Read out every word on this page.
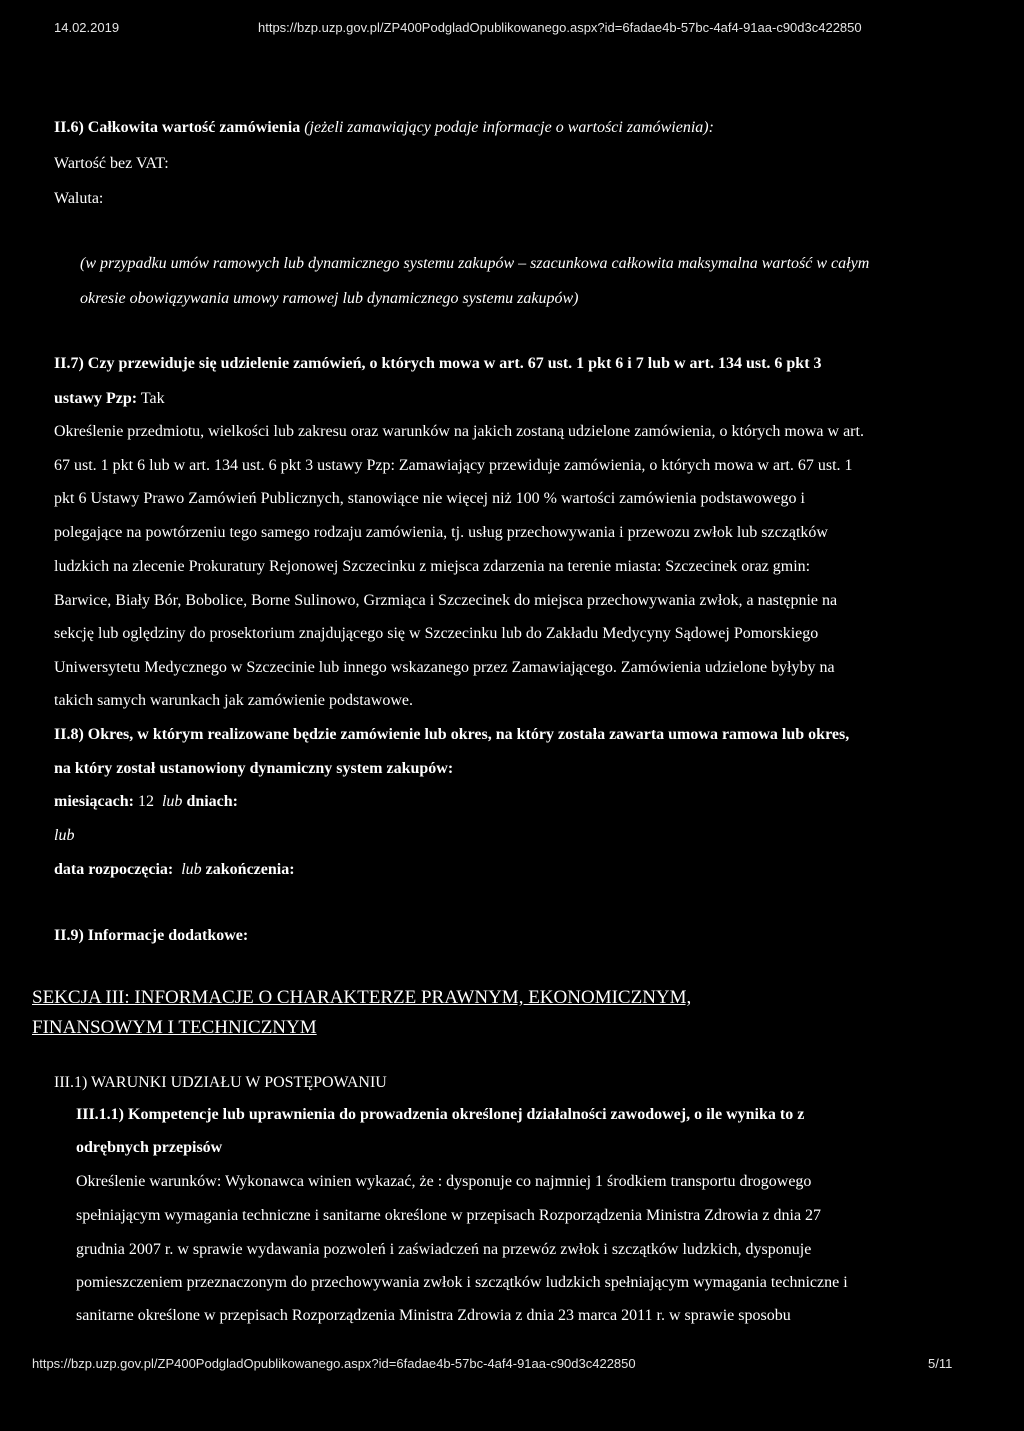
14.02.2019	https://bzp.uzp.gov.pl/ZP400PodgladOpublikowanego.aspx?id=6fadae4b-57bc-4af4-91aa-c90d3c422850
II.6) Całkowita wartość zamówienia (jeżeli zamawiający podaje informacje o wartości zamówienia):
Wartość bez VAT:
Waluta:
(w przypadku umów ramowych lub dynamicznego systemu zakupów – szacunkowa całkowita maksymalna wartość w całym
okresie obowiązywania umowy ramowej lub dynamicznego systemu zakupów)
II.7) Czy przewiduje się udzielenie zamówień, o których mowa w art. 67 ust. 1 pkt 6 i 7 lub w art. 134 ust. 6 pkt 3
ustawy Pzp: Tak
Określenie przedmiotu, wielkości lub zakresu oraz warunków na jakich zostaną udzielone zamówienia, o których mowa w art.
67 ust. 1 pkt 6 lub w art. 134 ust. 6 pkt 3 ustawy Pzp: Zamawiający przewiduje zamówienia, o których mowa w art. 67 ust. 1
pkt 6 Ustawy Prawo Zamówień Publicznych, stanowiące nie więcej niż 100 % wartości zamówienia podstawowego i
polegające na powtórzeniu tego samego rodzaju zamówienia, tj. usług przechowywania i przewozu zwłok lub szczątków
ludzkich na zlecenie Prokuratury Rejonowej Szczecinku z miejsca zdarzenia na terenie miasta: Szczecinek oraz gmin:
Barwice, Biały Bór, Bobolice, Borne Sulinowo, Grzmiąca i Szczecinek do miejsca przechowywania zwłok, a następnie na
sekcję lub oględziny do prosektorium znajdującego się w Szczecinku lub do Zakładu Medycyny Sądowej Pomorskiego
Uniwersytetu Medycznego w Szczecinie lub innego wskazanego przez Zamawiającego. Zamówienia udzielone byłyby na
takich samych warunkach jak zamówienie podstawowe.
II.8) Okres, w którym realizowane będzie zamówienie lub okres, na który została zawarta umowa ramowa lub okres,
na który został ustanowiony dynamiczny system zakupów:
miesiącach: 12 lub dniach:
lub
data rozpoczęcia: lub zakończenia:
II.9) Informacje dodatkowe:
SEKCJA III: INFORMACJE O CHARAKTERZE PRAWNYM, EKONOMICZNYM,
FINANSOWYM I TECHNICZNYM
III.1) WARUNKI UDZIAŁU W POSTĘPOWANIU
III.1.1) Kompetencje lub uprawnienia do prowadzenia określonej działalności zawodowej, o ile wynika to z
odrębnych przepisów
Określenie warunków: Wykonawca winien wykazać, że : dysponuje co najmniej 1 środkiem transportu drogowego
spełniającym wymagania techniczne i sanitarne określone w przepisach Rozporządzenia Ministra Zdrowia z dnia 27
grudnia 2007 r. w sprawie wydawania pozwoleń i zaświadczeń na przewóz zwłok i szczątków ludzkich, dysponuje
pomieszczeniem przeznaczonym do przechowywania zwłok i szczątków ludzkich spełniającym wymagania techniczne i
sanitarne określone w przepisach Rozporządzenia Ministra Zdrowia z dnia 23 marca 2011 r. w sprawie sposobu
https://bzp.uzp.gov.pl/ZP400PodgladOpublikowanego.aspx?id=6fadae4b-57bc-4af4-91aa-c90d3c422850	5/11
